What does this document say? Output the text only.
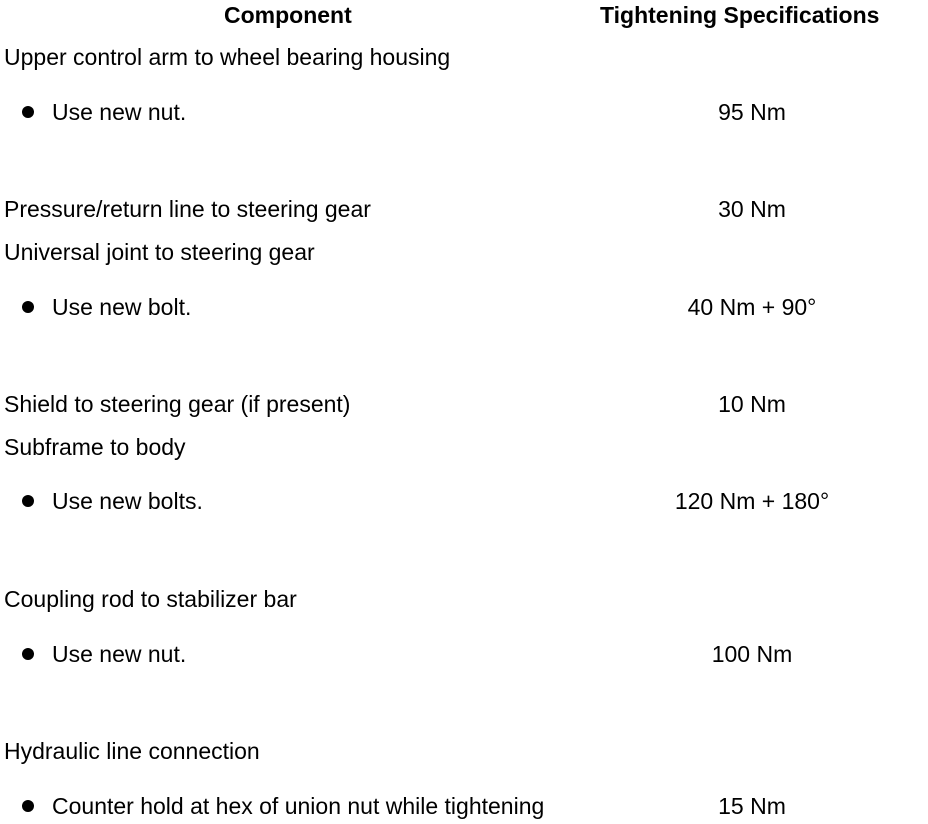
Component	Tightening Specifications
Upper control arm to wheel bearing housing
Use new nut.	95 Nm
Pressure/return line to steering gear	30 Nm
Universal joint to steering gear
Use new bolt.	40 Nm + 90°
Shield to steering gear (if present)	10 Nm
Subframe to body
Use new bolts.	120 Nm + 180°
Coupling rod to stabilizer bar
Use new nut.	100 Nm
Hydraulic line connection
Counter hold at hex of union nut while tightening	15 Nm
